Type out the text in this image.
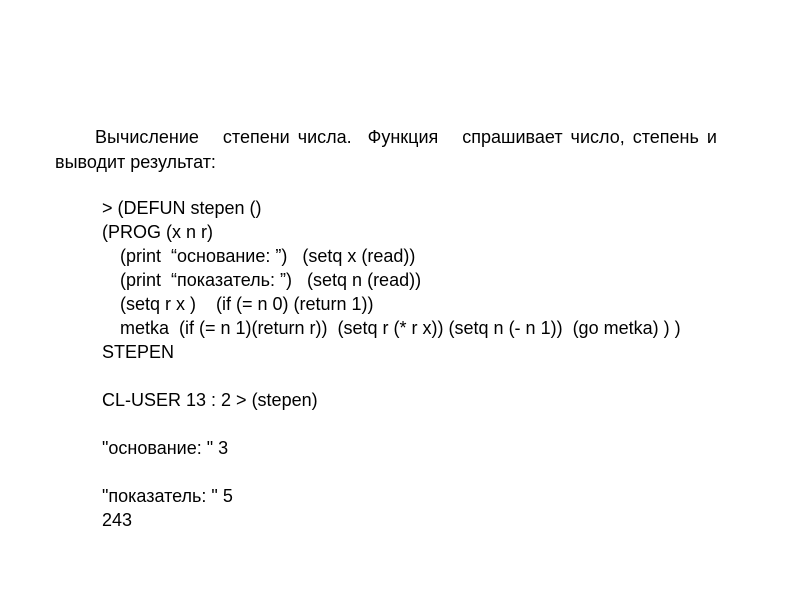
Вычисление   степени числа.  Функция   спрашивает число, степень и
выводит результат:

> (DEFUN stepen ()
(PROG (x n r)
(print  “основание: ”)   (setq x (read))
(print  “показатель: ”)   (setq n (read))
(setq r x )    (if (= n 0) (return 1))
metka  (if (= n 1)(return r))  (setq r (* r x)) (setq n (- n 1))  (go metka) ) )
STEPEN
CL-USER 13 : 2 > (stepen)
"основание: " 3
"показатель: " 5
243
